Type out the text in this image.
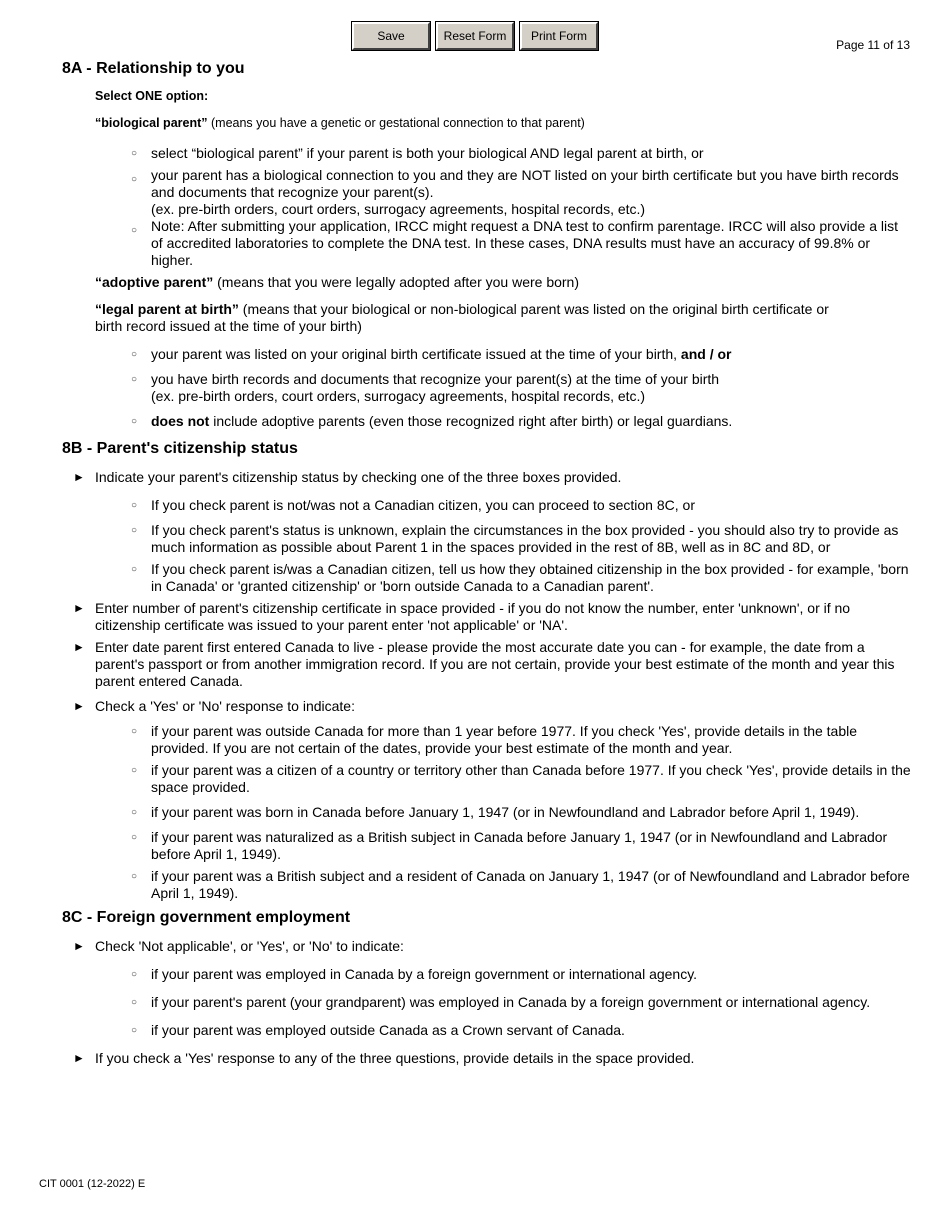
Save	Reset Form	Print Form
Page 11 of 13
8A - Relationship to you
Select ONE option:
“biological parent” (means you have a genetic or gestational connection to that parent)
○ select “biological parent” if your parent is both your biological AND legal parent at birth, or
○ your parent has a biological connection to you and they are NOT listed on your birth certificate but you have birth records and documents that recognize your parent(s).
(ex. pre-birth orders, court orders, surrogacy agreements, hospital records, etc.)
○ Note: After submitting your application, IRCC might request a DNA test to confirm parentage. IRCC will also provide a list of accredited laboratories to complete the DNA test. In these cases, DNA results must have an accuracy of 99.8% or higher.
“adoptive parent” (means that you were legally adopted after you were born)
“legal parent at birth” (means that your biological or non-biological parent was listed on the original birth certificate or birth record issued at the time of your birth)
○ your parent was listed on your original birth certificate issued at the time of your birth, and / or
○ you have birth records and documents that recognize your parent(s) at the time of your birth
(ex. pre-birth orders, court orders, surrogacy agreements, hospital records, etc.)
○ does not include adoptive parents (even those recognized right after birth) or legal guardians.
8B - Parent's citizenship status
► Indicate your parent's citizenship status by checking one of the three boxes provided.
○ If you check parent is not/was not a Canadian citizen, you can proceed to section 8C, or
○ If you check parent's status is unknown, explain the circumstances in the box provided - you should also try to provide as much information as possible about Parent 1 in the spaces provided in the rest of 8B, well as in 8C and 8D, or
○ If you check parent is/was a Canadian citizen, tell us how they obtained citizenship in the box provided - for example, 'born in Canada' or 'granted citizenship' or 'born outside Canada to a Canadian parent'.
► Enter number of parent's citizenship certificate in space provided - if you do not know the number, enter 'unknown', or if no citizenship certificate was issued to your parent enter 'not applicable' or 'NA'.
► Enter date parent first entered Canada to live - please provide the most accurate date you can - for example, the date from a parent's passport or from another immigration record. If you are not certain, provide your best estimate of the month and year this parent entered Canada.
► Check a 'Yes' or 'No' response to indicate:
○ if your parent was outside Canada for more than 1 year before 1977. If you check 'Yes', provide details in the table provided. If you are not certain of the dates, provide your best estimate of the month and year.
○ if your parent was a citizen of a country or territory other than Canada before 1977. If you check 'Yes', provide details in the space provided.
○ if your parent was born in Canada before January 1, 1947 (or in Newfoundland and Labrador before April 1, 1949).
○ if your parent was naturalized as a British subject in Canada before January 1, 1947 (or in Newfoundland and Labrador before April 1, 1949).
○ if your parent was a British subject and a resident of Canada on January 1, 1947 (or of Newfoundland and Labrador before April 1, 1949).
8C - Foreign government employment
► Check 'Not applicable', or 'Yes', or 'No' to indicate:
○ if your parent was employed in Canada by a foreign government or international agency.
○ if your parent's parent (your grandparent) was employed in Canada by a foreign government or international agency.
○ if your parent was employed outside Canada as a Crown servant of Canada.
► If you check a 'Yes' response to any of the three questions, provide details in the space provided.
CIT 0001 (12-2022) E
